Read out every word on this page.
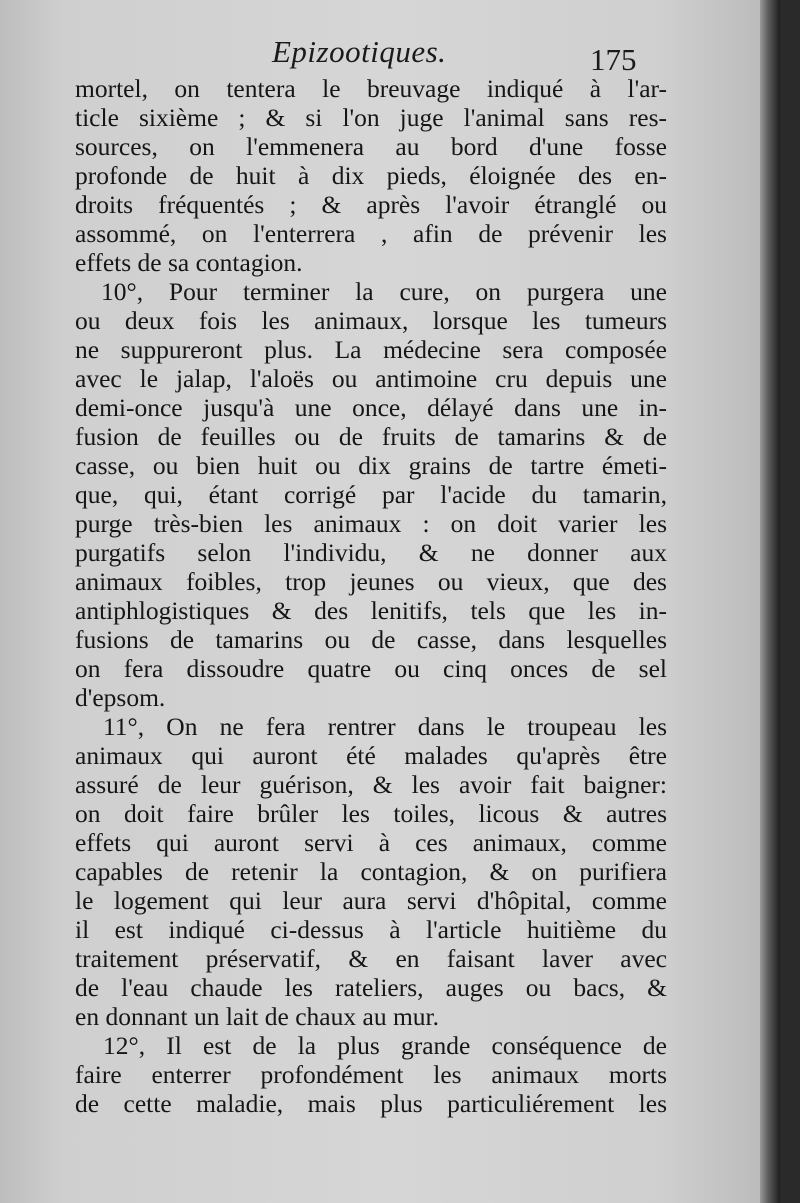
Epizootiques.	175
mortel, on tentera le breuvage indiqué à l'ar-
ticle sixième ; & si l'on juge l'animal sans res-
sources, on l'emmenera au bord d'une fosse
profonde de huit à dix pieds, éloignée des en-
droits fréquentés ; & après l'avoir étranglé ou
assommé, on l'enterrera , afin de prévenir les
effets de sa contagion.
10°, Pour terminer la cure, on purgera une
ou deux fois les animaux, lorsque les tumeurs
ne suppureront plus. La médecine sera composée
avec le jalap, l'aloës ou antimoine cru depuis une
demi-once jusqu'à une once, délayé dans une in-
fusion de feuilles ou de fruits de tamarins & de
casse, ou bien huit ou dix grains de tartre émeti-
que, qui, étant corrigé par l'acide du tamarin,
purge très-bien les animaux : on doit varier les
purgatifs selon l'individu, & ne donner aux
animaux foibles, trop jeunes ou vieux, que des
antiphlogistiques & des lenitifs, tels que les in-
fusions de tamarins ou de casse, dans lesquelles
on fera dissoudre quatre ou cinq onces de sel
d'epsom.
11°, On ne fera rentrer dans le troupeau les
animaux qui auront été malades qu'après être
assuré de leur guérison, & les avoir fait baigner:
on doit faire brûler les toiles, licous & autres
effets qui auront servi à ces animaux, comme
capables de retenir la contagion, & on purifiera
le logement qui leur aura servi d'hôpital, comme
il est indiqué ci-dessus à l'article huitième du
traitement préservatif, & en faisant laver avec
de l'eau chaude les rateliers, auges ou bacs, &
en donnant un lait de chaux au mur.
12°, Il est de la plus grande conséquence de
faire enterrer profondément les animaux morts
de cette maladie, mais plus particuliérement les
